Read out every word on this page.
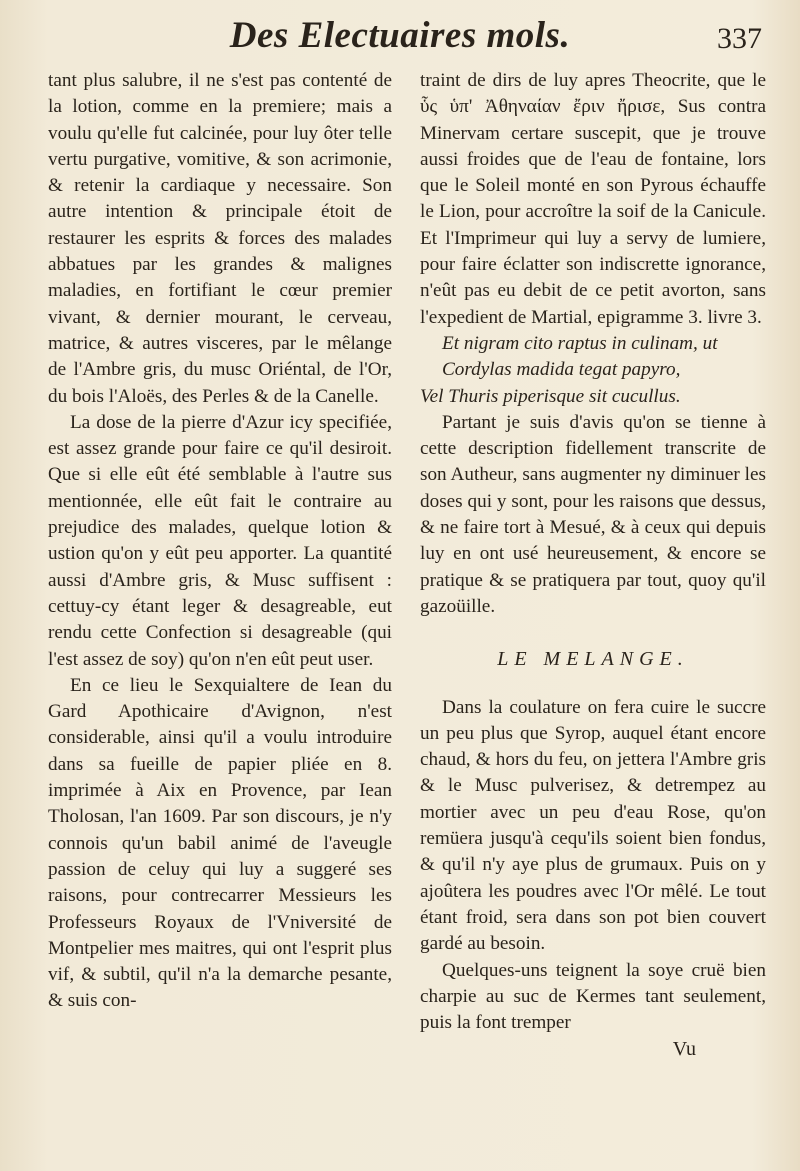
Des Electuaires mols.	337

tant plus salubre, il ne s'est pas contenté de la lotion, comme en la premiere; mais a voulu qu'elle fut calcinée, pour luy ôter telle vertu purgative, vomitive, & son acrimonie, & retenir la cardiaque y necessaire. Son autre intention & principale étoit de restaurer les esprits & forces des malades abbatues par les grandes & malignes maladies, en fortifiant le cœur premier vivant, & dernier mourant, le cerveau, matrice, & autres visceres, par le mêlange de l'Ambre gris, du musc Oriéntal, de l'Or, du bois l'Aloës, des Perles & de la Canelle.

La dose de la pierre d'Azur icy specifiée, est assez grande pour faire ce qu'il desiroit. Que si elle eût été semblable à l'autre sus mentionnée, elle eût fait le contraire au prejudice des malades, quelque lotion & ustion qu'on y eût peu apporter. La quantité aussi d'Ambre gris, & Musc suffisent : cettuy-cy étant leger & desagreable, eut rendu cette Confection si desagreable (qui l'est assez de soy) qu'on n'en eût peut user.

En ce lieu le Sexquialtere de Iean du Gard Apothicaire d'Avignon, n'est considerable, ainsi qu'il a voulu introduire dans sa fueille de papier pliée en 8. imprimée à Aix en Provence, par Iean Tholosan, l'an 1609. Par son discours, je n'y connois qu'un babil animé de l'aveugle passion de celuy qui luy a suggeré ses raisons, pour contrecarrer Messieurs les Professeurs Royaux de l'Vniversité de Montpelier mes maitres, qui ont l'esprit plus vif, & subtil, qu'il n'a la demarche pesante, & suis con-

traint de dirs de luy apres Theocrite, que le ὗς ὑπ' Ἀθηναίαν ἔριν ἤρισε, Sus contra Minervam certare suscepit, que je trouve aussi froides que de l'eau de fontaine, lors que le Soleil monté en son Pyrous échauffe le Lion, pour accroître la soif de la Canicule. Et l'Imprimeur qui luy a servy de lumiere, pour faire éclatter son indiscrette ignorance, n'eût pas eu debit de ce petit avorton, sans l'expedient de Martial, epigramme 3. livre 3.

Et nigram cito raptus in culinam, ut

Cordylas madida tegat papyro,

Vel Thuris piperisque sit cucullus.

Partant je suis d'avis qu'on se tienne à cette description fidellement transcrite de son Autheur, sans augmenter ny diminuer les doses qui y sont, pour les raisons que dessus, & ne faire tort à Mesué, & à ceux qui depuis luy en ont usé heureusement, & encore se pratique & se pratiquera par tout, quoy qu'il gazoüille.

LE MELANGE.

Dans la coulature on fera cuire le succre un peu plus que Syrop, auquel étant encore chaud, & hors du feu, on jettera l'Ambre gris & le Musc pulverisez, & detrempez au mortier avec un peu d'eau Rose, qu'on remüera jusqu'à cequ'ils soient bien fondus, & qu'il n'y aye plus de grumaux. Puis on y ajoûtera les poudres avec l'Or mêlé. Le tout étant froid, sera dans son pot bien couvert gardé au besoin.

Quelques-uns teignent la soye cruë bien charpie au suc de Kermes tant seulement, puis la font tremper

Vu
